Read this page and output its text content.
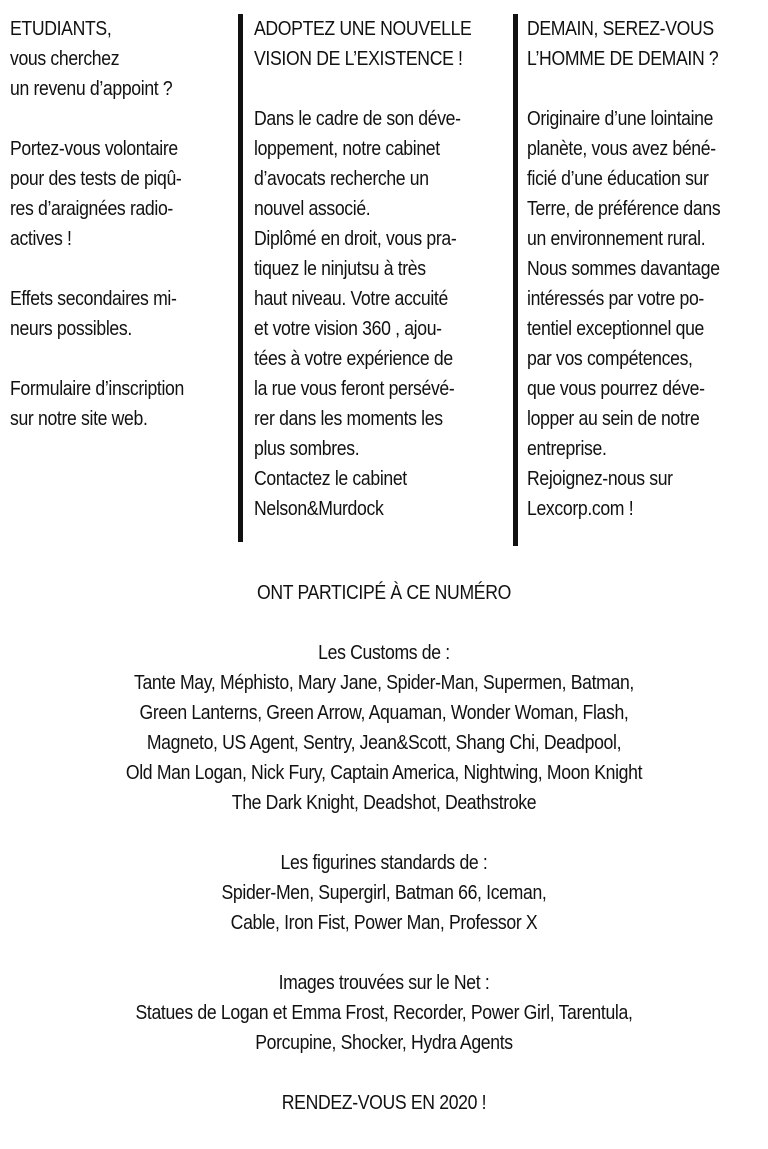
ETUDIANTS,
vous cherchez
un revenu d’appoint ?
Portez-vous volontaire
pour des tests de piqû-
res d’araignées radio-
actives !
Effets secondaires mi-
neurs possibles.
Formulaire d’inscription
sur notre site web.
ADOPTEZ UNE NOUVELLE
VISION DE L’EXISTENCE !
Dans le cadre de son déve-
loppement, notre cabinet
d’avocats recherche un
nouvel associé.
Diplômé en droit, vous pra-
tiquez le ninjutsu à très
haut niveau. Votre accuité
et votre vision 360 , ajou-
tées à votre expérience de
la rue vous feront persévé-
rer dans les moments les
plus sombres.
Contactez le cabinet
Nelson&Murdock
DEMAIN, SEREZ-VOUS
L’HOMME DE DEMAIN ?
Originaire d’une lointaine
planète, vous avez béné-
ficié d’une éducation sur
Terre, de préférence dans
un environnement rural.
Nous sommes davantage
intéressés par votre po-
tentiel exceptionnel que
par vos compétences,
que vous pourrez déve-
lopper au sein de notre
entreprise.
Rejoignez-nous sur
Lexcorp.com !
ONT PARTICIPÉ À CE NUMÉRO
Les Customs de :
Tante May, Méphisto, Mary Jane, Spider-Man, Supermen, Batman,
Green Lanterns, Green Arrow, Aquaman, Wonder Woman, Flash,
Magneto, US Agent, Sentry, Jean&Scott, Shang Chi, Deadpool,
Old Man Logan, Nick Fury, Captain America, Nightwing, Moon Knight
The Dark Knight, Deadshot, Deathstroke
Les figurines standards de :
Spider-Men, Supergirl, Batman 66, Iceman,
Cable, Iron Fist, Power Man, Professor X
Images trouvées sur le Net :
Statues de Logan et Emma Frost, Recorder, Power Girl, Tarentula,
Porcupine, Shocker, Hydra Agents
RENDEZ-VOUS EN 2020 !
